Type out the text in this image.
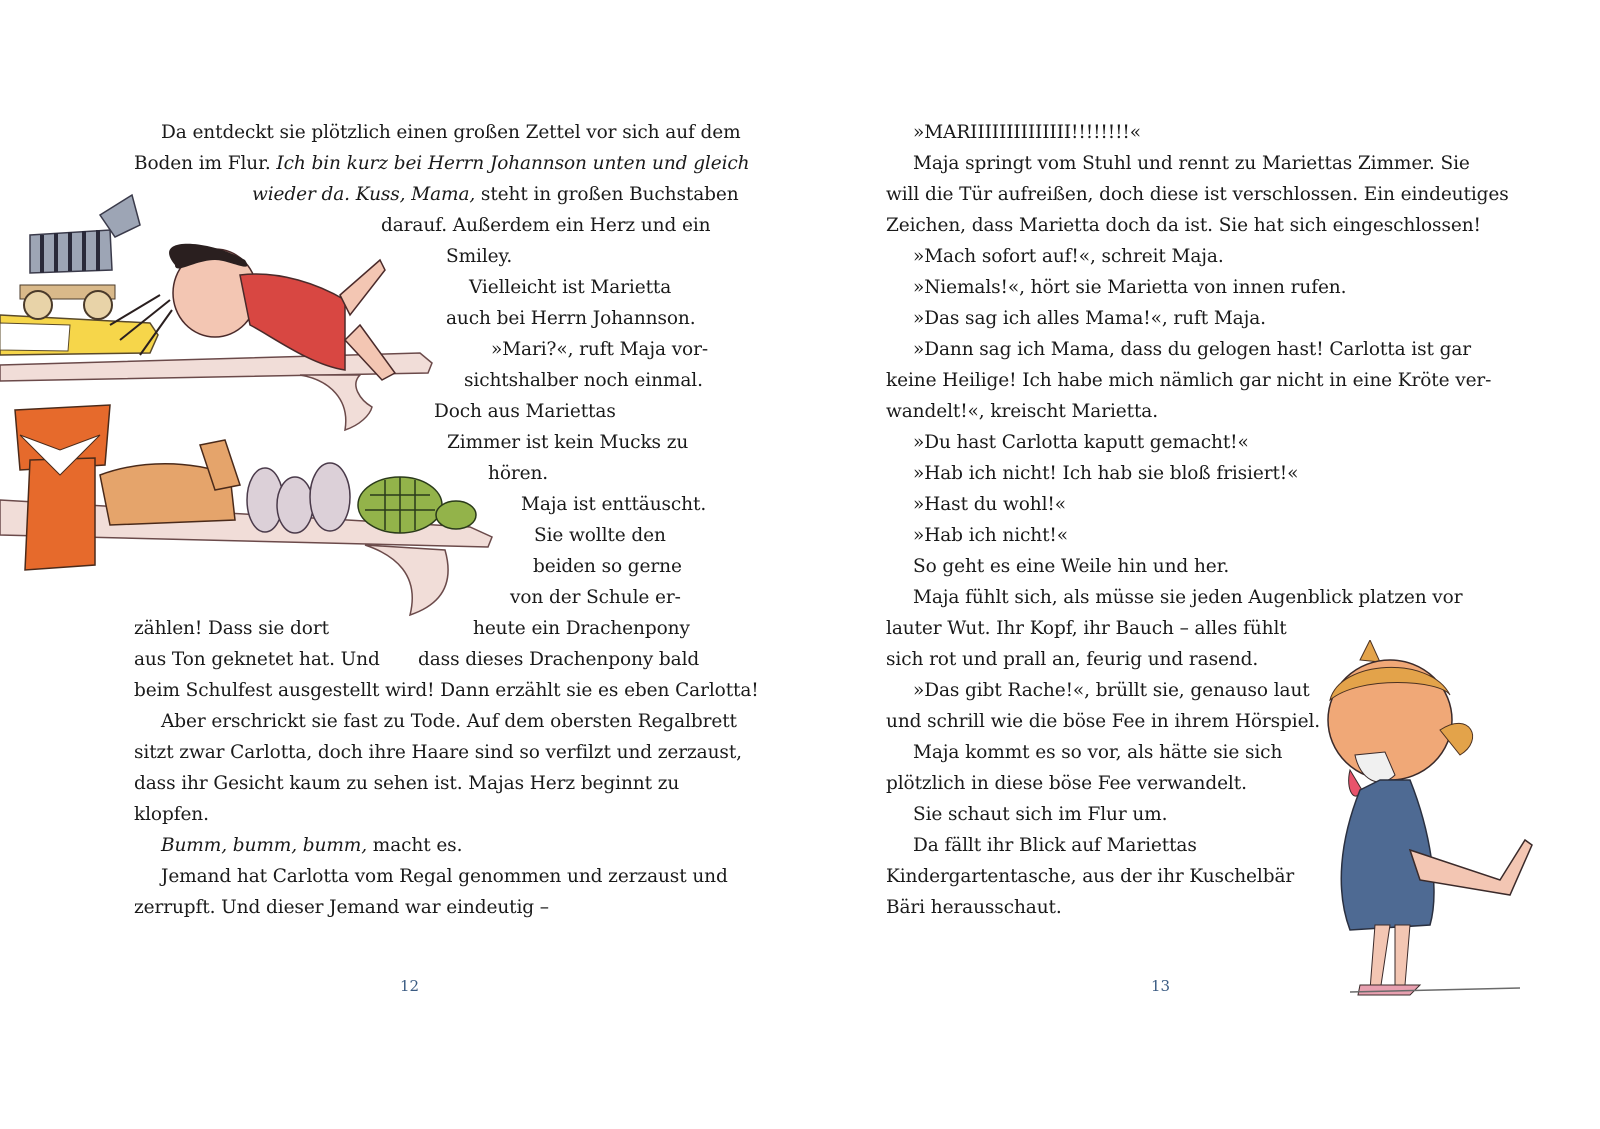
Da entdeckt sie plötzlich einen großen Zettel vor sich auf dem
Boden im Flur. Ich bin kurz bei Herrn Johannson unten und gleich
wieder da. Kuss, Mama, steht in großen Buchstaben
darauf. Außerdem ein Herz und ein
Smiley.
Vielleicht ist Marietta
auch bei Herrn Johannson.
»Mari?«, ruft Maja vor-
sichtshalber noch einmal.
Doch aus Mariettas
Zimmer ist kein Mucks zu
hören.
Maja ist enttäuscht.
Sie wollte den
beiden so gerne
von der Schule er-
zählen! Dass sie dort	heute ein Drachenpony
aus Ton geknetet hat. Und dass dieses Drachenpony bald
beim Schulfest ausgestellt wird! Dann erzählt sie es eben Carlotta!
Aber erschrickt sie fast zu Tode. Auf dem obersten Regalbrett
sitzt zwar Carlotta, doch ihre Haare sind so verfilzt und zerzaust,
dass ihr Gesicht kaum zu sehen ist. Majas Herz beginnt zu
klopfen.
Bumm, bumm, bumm, macht es.
Jemand hat Carlotta vom Regal genommen und zerzaust und
zerrupft. Und dieser Jemand war eindeutig –
12
»MARIIIIIIIIIIIIII!!!!!!!!«
Maja springt vom Stuhl und rennt zu Mariettas Zimmer. Sie
will die Tür aufreißen, doch diese ist verschlossen. Ein eindeutiges
Zeichen, dass Marietta doch da ist. Sie hat sich eingeschlossen!
»Mach sofort auf!«, schreit Maja.
»Niemals!«, hört sie Marietta von innen rufen.
»Das sag ich alles Mama!«, ruft Maja.
»Dann sag ich Mama, dass du gelogen hast! Carlotta ist gar
keine Heilige! Ich habe mich nämlich gar nicht in eine Kröte ver-
wandelt!«, kreischt Marietta.
»Du hast Carlotta kaputt gemacht!«
»Hab ich nicht! Ich hab sie bloß frisiert!«
»Hast du wohl!«
»Hab ich nicht!«
So geht es eine Weile hin und her.
Maja fühlt sich, als müsse sie jeden Augenblick platzen vor
lauter Wut. Ihr Kopf, ihr Bauch – alles fühlt
sich rot und prall an, feurig und rasend.
»Das gibt Rache!«, brüllt sie, genauso laut
und schrill wie die böse Fee in ihrem Hörspiel.
Maja kommt es so vor, als hätte sie sich
plötzlich in diese böse Fee verwandelt.
Sie schaut sich im Flur um.
Da fällt ihr Blick auf Mariettas
Kindergartentasche, aus der ihr Kuschelbär
Bäri herausschaut.
13
